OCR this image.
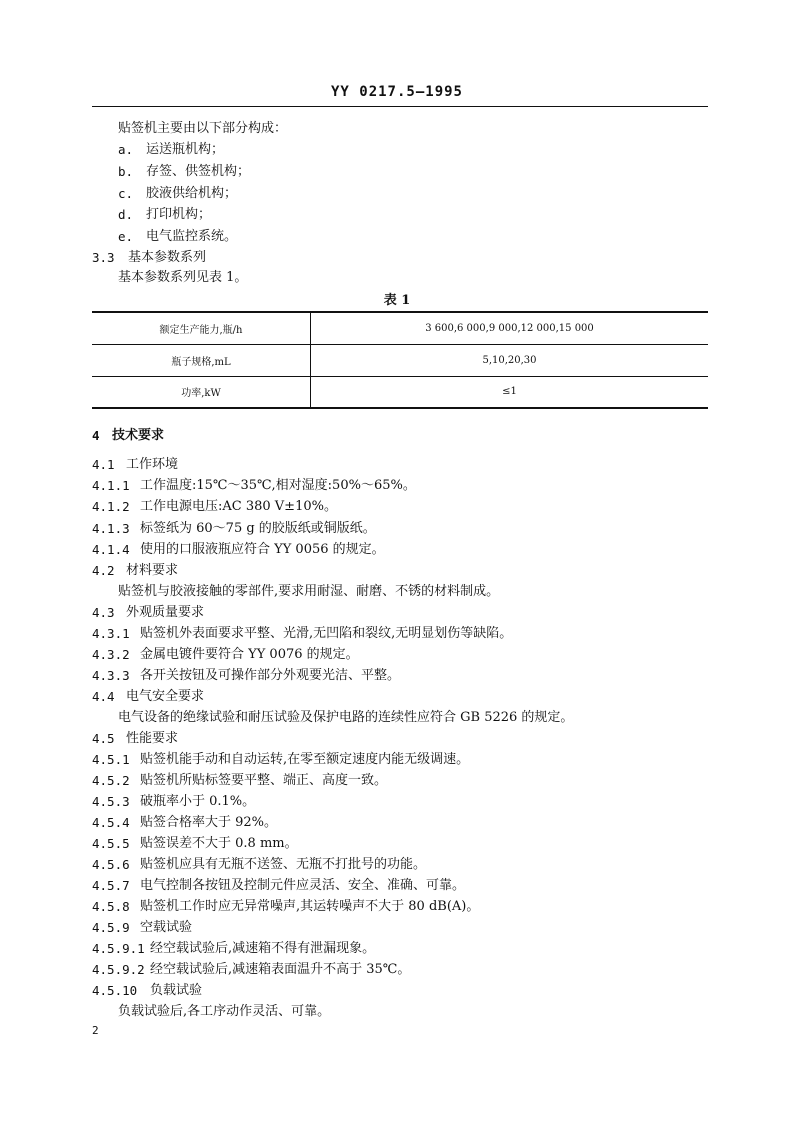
YY 0217.5—1995
贴签机主要由以下部分构成：
a. 运送瓶机构；
b. 存签、供签机构；
c. 胶液供给机构；
d. 打印机构；
e. 电气监控系统。
3.3 基本参数系列
基本参数系列见表 1。
表 1
额定生产能力,瓶/h	3 600,6 000,9 000,12 000,15 000
瓶子规格,mL	5,10,20,30
功率,kW	≤1
4 技术要求
4.1 工作环境
4.1.1 工作温度:15℃～35℃,相对湿度:50%～65%。
4.1.2 工作电源电压:AC 380 V±10%。
4.1.3 标签纸为 60～75 g 的胶版纸或铜版纸。
4.1.4 使用的口服液瓶应符合 YY 0056 的规定。
4.2 材料要求
贴签机与胶液接触的零部件,要求用耐湿、耐磨、不锈的材料制成。
4.3 外观质量要求
4.3.1 贴签机外表面要求平整、光滑,无凹陷和裂纹,无明显划伤等缺陷。
4.3.2 金属电镀件要符合 YY 0076 的规定。
4.3.3 各开关按钮及可操作部分外观要光洁、平整。
4.4 电气安全要求
电气设备的绝缘试验和耐压试验及保护电路的连续性应符合 GB 5226 的规定。
4.5 性能要求
4.5.1 贴签机能手动和自动运转,在零至额定速度内能无级调速。
4.5.2 贴签机所贴标签要平整、端正、高度一致。
4.5.3 破瓶率小于 0.1%。
4.5.4 贴签合格率大于 92%。
4.5.5 贴签误差不大于 0.8 mm。
4.5.6 贴签机应具有无瓶不送签、无瓶不打批号的功能。
4.5.7 电气控制各按钮及控制元件应灵活、安全、准确、可靠。
4.5.8 贴签机工作时应无异常噪声,其运转噪声不大于 80 dB(A)。
4.5.9 空载试验
4.5.9.1 经空载试验后,减速箱不得有泄漏现象。
4.5.9.2 经空载试验后,减速箱表面温升不高于 35℃。
4.5.10 负载试验
负载试验后,各工序动作灵活、可靠。
2
